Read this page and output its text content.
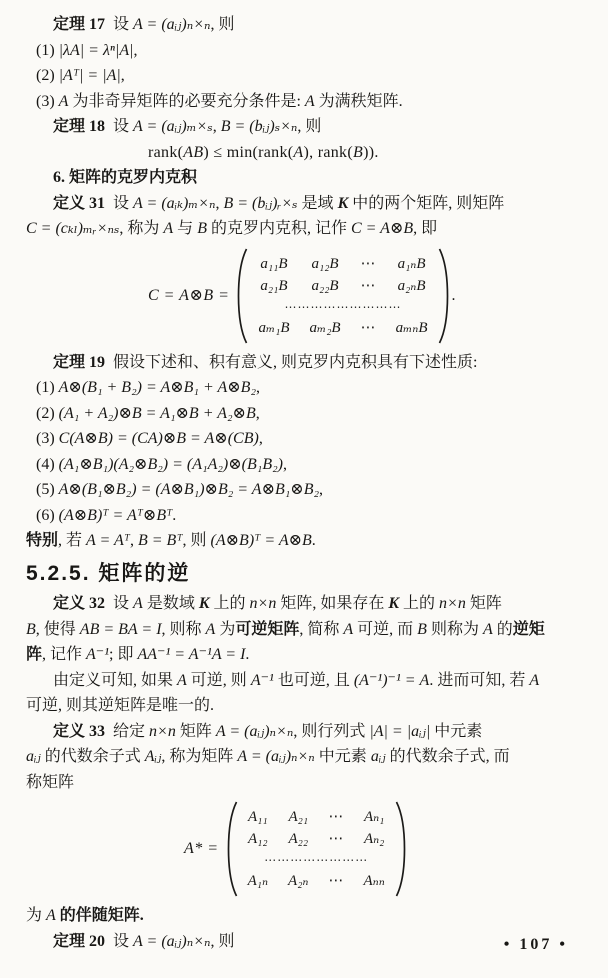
定理 17  设 A = (aᵢⱼ)ₙ×ₙ, 则
(1) |λA| = λⁿ|A|,
(2) |Aᵀ| = |A|,
(3) A 为非奇异矩阵的必要充分条件是: A 为满秩矩阵.
定理 18  设 A = (aᵢⱼ)ₘ×ₛ, B = (bᵢⱼ)ₛ×ₙ, 则
rank(AB) ≤ min(rank(A), rank(B)).
6. 矩阵的克罗内克积
定义 31  设 A = (aᵢₖ)ₘ×ₙ, B = (bᵢⱼ)ᵣ×ₛ 是域 K 中的两个矩阵, 则矩阵
C = (cₖₗ)ₘᵣ×ₙₛ, 称为 A 与 B 的克罗内克积, 记作 C = A⊗B, 即
C = A⊗B =
a₁₁B	a₁₂B	⋯	a₁ₙB
a₂₁B	a₂₂B	⋯	a₂ₙB
⋯⋯⋯⋯⋯⋯⋯⋯⋯			
aₘ₁B	aₘ₂B	⋯	aₘₙB
.
定理 19  假设下述和、积有意义, 则克罗内克积具有下述性质:
(1) A⊗(B₁ + B₂) = A⊗B₁ + A⊗B₂,
(2) (A₁ + A₂)⊗B = A₁⊗B + A₂⊗B,
(3) C(A⊗B) = (CA)⊗B = A⊗(CB),
(4) (A₁⊗B₁)(A₂⊗B₂) = (A₁A₂)⊗(B₁B₂),
(5) A⊗(B₁⊗B₂) = (A⊗B₁)⊗B₂ = A⊗B₁⊗B₂,
(6) (A⊗B)ᵀ = Aᵀ⊗Bᵀ.
特别, 若 A = Aᵀ, B = Bᵀ, 则 (A⊗B)ᵀ = A⊗B.
5.2.5. 矩阵的逆
定义 32  设 A 是数域 K 上的 n×n 矩阵, 如果存在 K 上的 n×n 矩阵
B, 使得 AB = BA = I, 则称 A 为可逆矩阵, 简称 A 可逆, 而 B 则称为 A 的逆矩
阵, 记作 A⁻¹; 即 AA⁻¹ = A⁻¹A = I.
由定义可知, 如果 A 可逆, 则 A⁻¹ 也可逆, 且 (A⁻¹)⁻¹ = A. 进而可知, 若 A
可逆, 则其逆矩阵是唯一的.
定义 33  给定 n×n 矩阵 A = (aᵢⱼ)ₙ×ₙ, 则行列式 |A| = |aᵢⱼ| 中元素
aᵢⱼ 的代数余子式 Aᵢⱼ, 称为矩阵 A = (aᵢⱼ)ₙ×ₙ 中元素 aᵢⱼ 的代数余子式, 而
称矩阵
A* =
A₁₁	A₂₁	⋯	Aₙ₁
A₁₂	A₂₂	⋯	Aₙ₂
⋯⋯⋯⋯⋯⋯⋯⋯			
A₁ₙ	A₂ₙ	⋯	Aₙₙ
为 A 的伴随矩阵.
定理 20  设 A = (aᵢⱼ)ₙ×ₙ, 则	• 107 •
